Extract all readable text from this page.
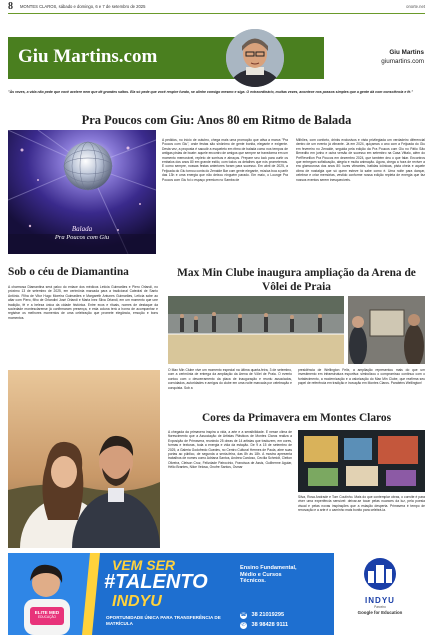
8 MONTES CLAROS, sábado e domingo, 6 e 7 de setembro de 2025	onorte.net
Giu Martins.com	Giu Martins
giumartins.com
"Às vezes, a vida não pede que você acelere nem que dê grandes saltos. Ela só pede que você respire fundo, se alinhe consigo mesmo e siga. O extraordinário, muitas vezes, acontece nos passos simples que a gente dá com consciência e fé."
Pra Poucos com Giu: Anos 80 em Ritmo de Balada
Balada
Pra Poucos com Giu
A pedidos, no início de outubro, chega mais uma promoção que ativa a marca "Pra Poucos com Giu", onde festas são sinônimo de gente bonita, elegante e exigente. Desta vez, a proposta é sacudir a esqueleto em ritmo de balada como nos tempos de antigas pistas de boate: aquele encontro de amigos que sempre se transforma em um momento memorável, repleto de sorrisos e abraços. Prepare seu look para curtir os embalos dos anos 80 em grande estilo, com todos os detalhes que nós prometemos. E como sempre, nossas festas anteriores foram para sucesso. Em abril de 2025, a Feijoada do Giu tornou conta do Zenaide Bar com gente elegante, música boa a partir das 13h e uma energia que não deixou ninguém parado. Em maio, o Lounge Pra Poucos com Giu foi o espaço premium no Samba de
Milhões, com conforto, drinks exclusivos e vista privilegiada um verdadeiro diferencial dentro de um evento já vibrante. Já em 2024, quiçamos o ano com a Feijoada do Giu em fevereiro no Zenaide, seguida pela edição da Pra Poucos com Giu no Pátio São Benedito em junho e outra versão de sucesso em setembro na Casa Vittalo, além do PréReveillon Pra Poucos em dezembro 2024, que também deu o que falar. Encontros que entregam sofisticação, alegria e muita animação. Agora, chega a hora de reviver a era glamourosa dos anos 80: luzes vibrantes, batidas icônicas, pista cheia e aquele clima de nostalgia que só quem esteve lá sabe como é. Uma noite para dançar, celebrar e criar memórias, vestido conforme nossa edição repleta de energia que faz nossos eventos serem inesquecíveis.
Sob o céu de Diamantina
A charmosa Diamantina será palco do enlace dos médicos Letícia Guimarães e Piero Orlandi, no próximo 13 de setembro de 2025, em cerimônia marcada para a tradicional Catedral de Santo Antônio. Filha de Vitor Hugo Moreira Guimarães e Margareth Antunes Guimarães, Letícia sobe ao altar com Piero, filho de Orlandini José Orlandi e Maria Inez Silva Orlandi, em um momento que une tradição, fé e a beleza única da cidade histórica. Entre ecos e rituais, nomes de destaque da sociedade montesclarense já confirmaram presença, e esta coluna terá a honra de acompanhar e registrar os melhores momentos de uma celebração que promete elegância, emoção e bons momentos.
Max Min Clube inaugura ampliação da Arena de Vôlei de Praia
O Max Min Clube vive um momento especial na última quarta-feira, 3 de setembro, com a cerimônia de entrega da ampliação da Arena de Vôlei de Praia. O evento contou com o descerramento da placa de inauguração e reuniu associados, convidados, autoridades e amigos do clube em uma noite marcada por celebração e conquista. Sob a
presidência de Wellington Felix, a ampliação representou mais do que um investimento em infraestrutura esportiva: simbolizou o compromisso contínuo com o fortalecimento, a modernização e a valorização do Max Min Clube, que reafirma seu papel de referência em tradição e inovação em Montes Claros. Parabéns Wellington!
Cores da Primavera em Montes Claros
A chegada da primavera inspira a vida, a arte e a sensibilidade. E nesse clima de florescimento que a Associação de Artistas Plásticos de Montes Claros realiza a Exposição de Primavera, reunindo 25 obras de 14 artistas que traduzem, em cores, formas e texturas, toda a energia e vida da estação. De 9 a 15 de setembro de 2025, a Galeria Godofredo Guedes, no Centro Cultural Hermes de Paula, abre suas portas ao público, de segunda a sexta-feira, das 8h às 18h. A mostra apresenta trabalhos de nomes como Adriana Santos, Andrea Cardoso, Cecília Schmidt, Cleiton Oliveira, Cleison Cruz, Felizdade Patrocínio, Francisca de Assis, Guilherme Aguiar, Hélio Brantes, Nilce Velosa, Onofre Santos, Osmar
Silva, Rosa Andrade e Tom Coutinho. Mais do que contemplar obras, o convite é para viver uma experiência sensível: deixar-se tocar pelas nuances da luz, pela poesia visual e pelas novas inspirações que a estação desperta. Primavera é tempo de renovação e a arte é o caminho mais bonito para celebrá-la.
ELITE MED
EDUCAÇÃO
VEM SER
#TALENTO
INDYU
OPORTUNIDADE ÚNICA PARA TRANSFERÊNCIA DE MATRÍCULA
Ensino Fundamental, Médio e Cursos Técnicos.
☎ 38 21019295
✆ 38 98428 9111
INDYU
Parceiro
Google for Education
